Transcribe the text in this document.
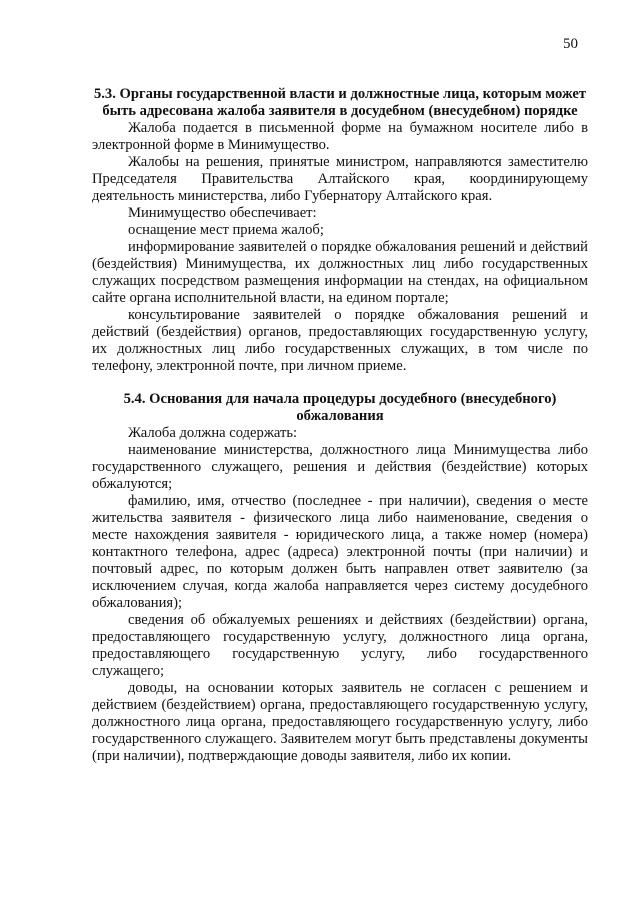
50

5.3. Органы государственной власти и должностные лица, которым может быть адресована жалоба заявителя в досудебном (внесудебном) порядке

Жалоба подается в письменной форме на бумажном носителе либо в электронной форме в Минимущество.

Жалобы на решения, принятые министром, направляются заместителю Председателя Правительства Алтайского края, координирующему деятельность министерства, либо Губернатору Алтайского края.

Минимущество обеспечивает:

оснащение мест приема жалоб;

информирование заявителей о порядке обжалования решений и действий (бездействия) Минимущества, их должностных лиц либо государственных служащих посредством размещения информации на стендах, на официальном сайте органа исполнительной власти, на едином портале;

консультирование заявителей о порядке обжалования решений и действий (бездействия) органов, предоставляющих государственную услугу, их должностных лиц либо государственных служащих, в том числе по телефону, электронной почте, при личном приеме.

5.4. Основания для начала процедуры досудебного (внесудебного) обжалования

Жалоба должна содержать:

наименование министерства, должностного лица Минимущества либо государственного служащего, решения и действия (бездействие) которых обжалуются;

фамилию, имя, отчество (последнее - при наличии), сведения о месте жительства заявителя - физического лица либо наименование, сведения о месте нахождения заявителя - юридического лица, а также номер (номера) контактного телефона, адрес (адреса) электронной почты (при наличии) и почтовый адрес, по которым должен быть направлен ответ заявителю (за исключением случая, когда жалоба направляется через систему досудебного обжалования);

сведения об обжалуемых решениях и действиях (бездействии) органа, предоставляющего государственную услугу, должностного лица органа, предоставляющего государственную услугу, либо государственного служащего;

доводы, на основании которых заявитель не согласен с решением и действием (бездействием) органа, предоставляющего государственную услугу, должностного лица органа, предоставляющего государственную услугу, либо государственного служащего. Заявителем могут быть представлены документы (при наличии), подтверждающие доводы заявителя, либо их копии.
